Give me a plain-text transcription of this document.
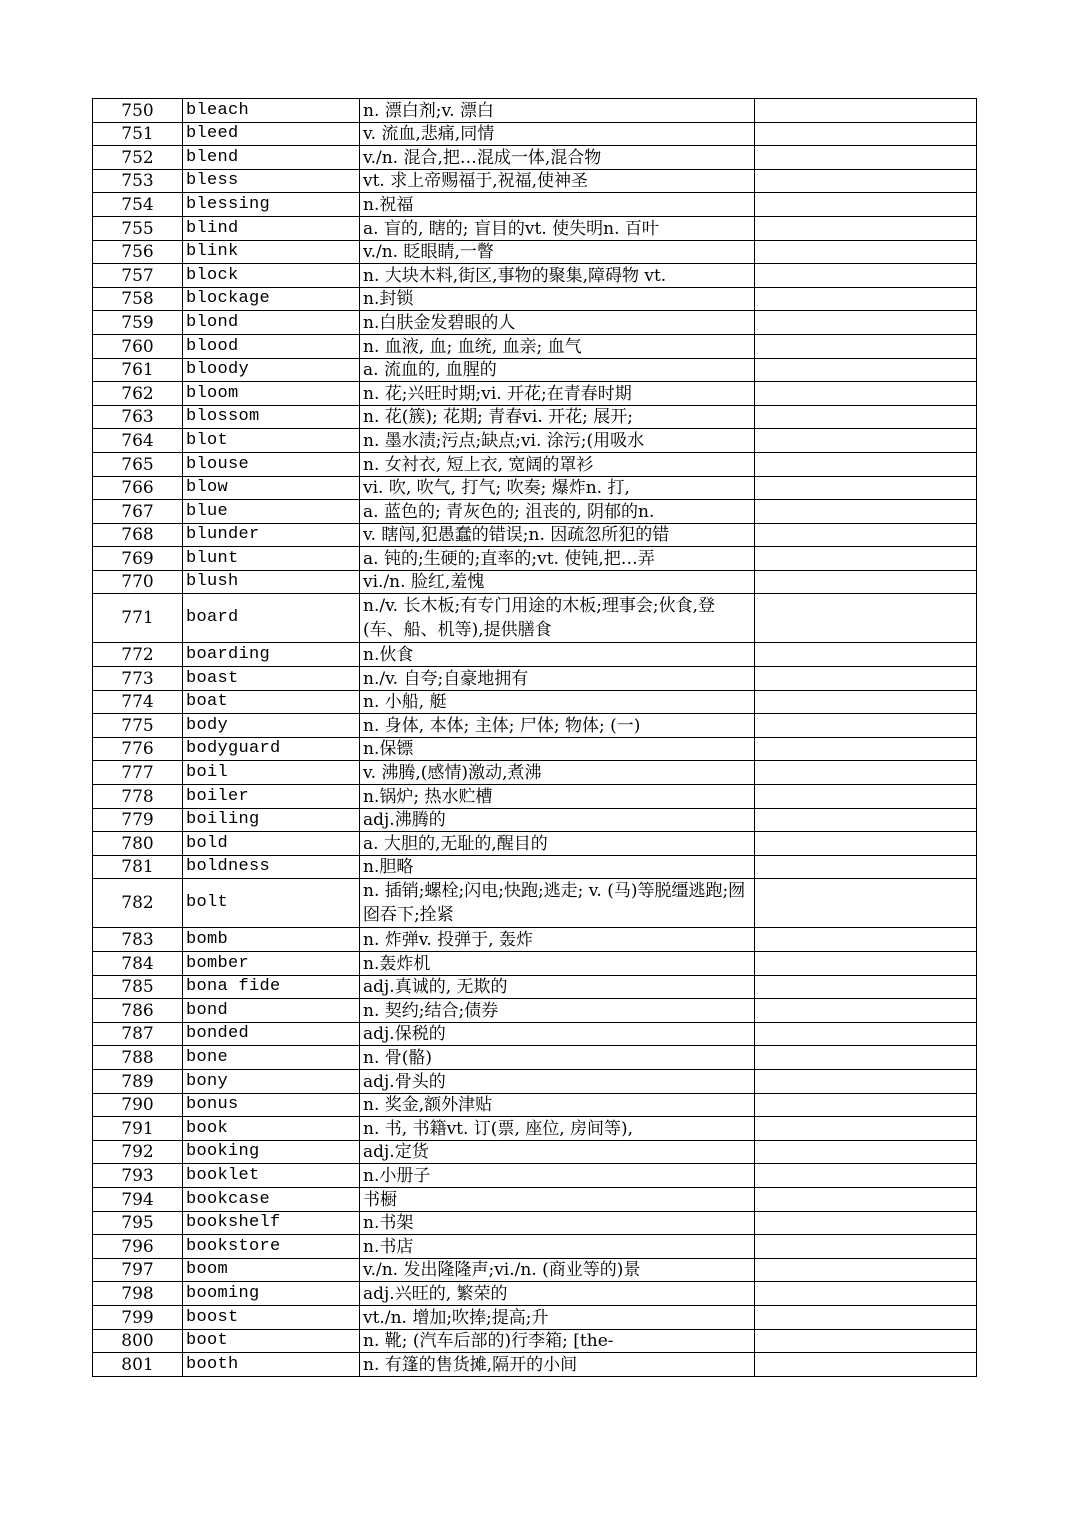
750	bleach	n. 漂白剂;v. 漂白	
751	bleed	v. 流血,悲痛,同情	
752	blend	v./n. 混合,把…混成一体,混合物	
753	bless	vt. 求上帝赐福于,祝福,使神圣	
754	blessing	n.祝福	
755	blind	a. 盲的, 瞎的; 盲目的vt. 使失明n. 百叶	
756	blink	v./n. 眨眼睛,一瞥	
757	block	n. 大块木料,街区,事物的聚集,障碍物 vt.	
758	blockage	n.封锁	
759	blond	n.白肤金发碧眼的人	
760	blood	n. 血液, 血; 血统, 血亲; 血气	
761	bloody	a. 流血的, 血腥的	
762	bloom	n. 花;兴旺时期;vi. 开花;在青春时期	
763	blossom	n. 花(簇); 花期; 青春vi. 开花; 展开;	
764	blot	n. 墨水渍;污点;缺点;vi. 涂污;(用吸水	
765	blouse	n. 女衬衣, 短上衣, 宽阔的罩衫	
766	blow	vi. 吹, 吹气, 打气; 吹奏; 爆炸n. 打,	
767	blue	a. 蓝色的; 青灰色的; 沮丧的, 阴郁的n.	
768	blunder	v. 瞎闯,犯愚蠢的错误;n. 因疏忽所犯的错	
769	blunt	a. 钝的;生硬的;直率的;vt. 使钝,把…弄	
770	blush	vi./n. 脸红,羞愧	
771	board	n./v. 长木板;有专门用途的木板;理事会;伙食,登 (车、船、机等),提供膳食	
772	boarding	n.伙食	
773	boast	n./v. 自夸;自豪地拥有	
774	boat	n. 小船, 艇	
775	body	n. 身体, 本体; 主体; 尸体; 物体; (一)	
776	bodyguard	n.保镖	
777	boil	v. 沸腾,(感情)激动,煮沸	
778	boiler	n.锅炉; 热水贮槽	
779	boiling	adj.沸腾的	
780	bold	a. 大胆的,无耻的,醒目的	
781	boldness	n.胆略	
782	bolt	n. 插销;螺栓;闪电;快跑;逃走; v. (马)等脱缰逃跑;囫囵吞下;拴紧	
783	bomb	n. 炸弹v. 投弹于, 轰炸	
784	bomber	n.轰炸机	
785	bona fide	adj.真诚的, 无欺的	
786	bond	n. 契约;结合;债券	
787	bonded	adj.保税的	
788	bone	n. 骨(骼)	
789	bony	adj.骨头的	
790	bonus	n. 奖金,额外津贴	
791	book	n. 书, 书籍vt. 订(票, 座位, 房间等),	
792	booking	adj.定货	
793	booklet	n.小册子	
794	bookcase	书橱	
795	bookshelf	n.书架	
796	bookstore	n.书店	
797	boom	v./n. 发出隆隆声;vi./n. (商业等的)景	
798	booming	adj.兴旺的, 繁荣的	
799	boost	vt./n. 增加;吹捧;提高;升	
800	boot	n. 靴; (汽车后部的)行李箱; [the-	
801	booth	n. 有篷的售货摊,隔开的小间	
